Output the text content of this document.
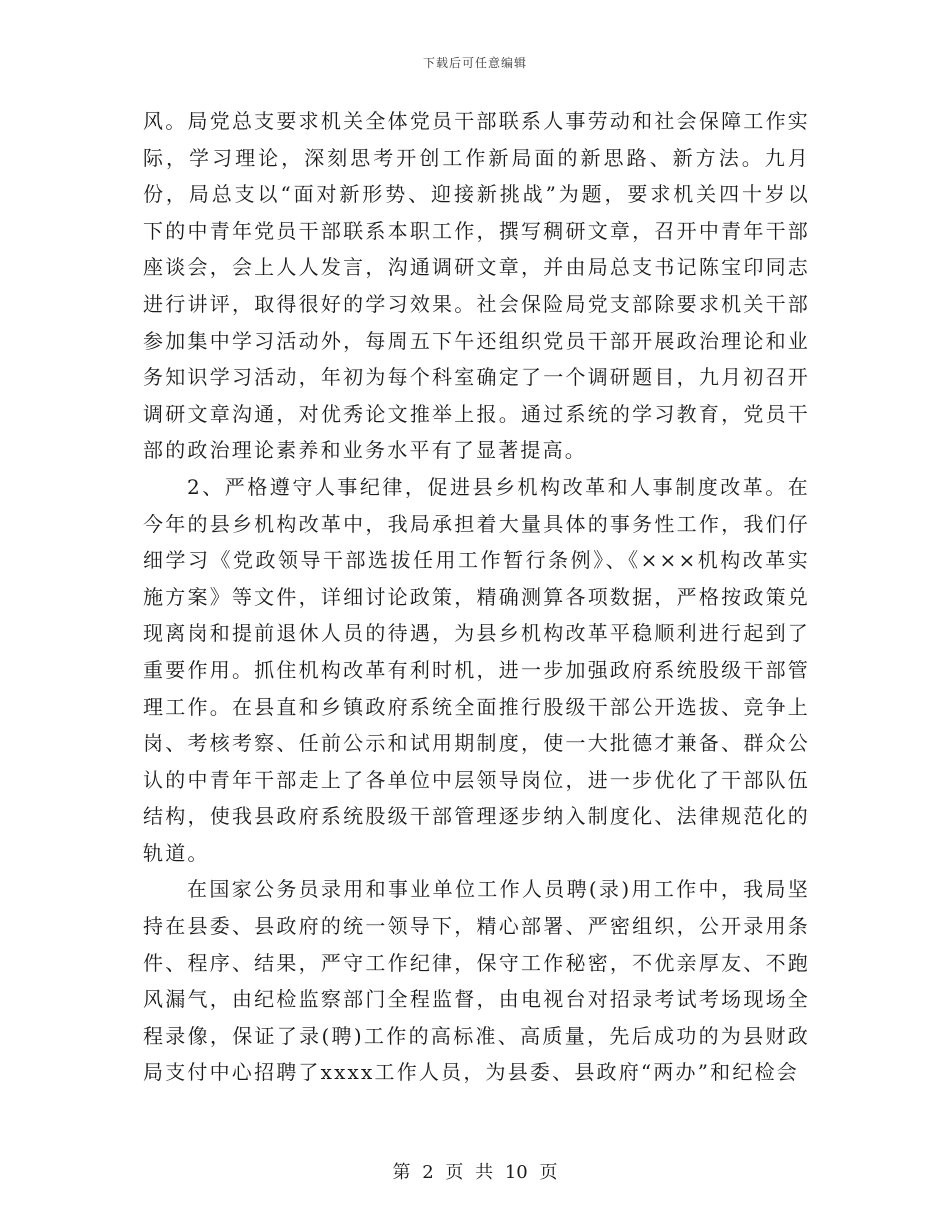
下载后可任意编辑

风。局党总支要求机关全体党员干部联系人事劳动和社会保障工作实际，学习理论，深刻思考开创工作新局面的新思路、新方法。九月份，局总支以“面对新形势、迎接新挑战”为题，要求机关四十岁以下的中青年党员干部联系本职工作，撰写稠研文章，召开中青年干部座谈会，会上人人发言，沟通调研文章，并由局总支书记陈宝印同志进行讲评，取得很好的学习效果。社会保险局党支部除要求机关干部参加集中学习活动外，每周五下午还组织党员干部开展政治理论和业务知识学习活动，年初为每个科室确定了一个调研题目，九月初召开调研文章沟通，对优秀论文推举上报。通过系统的学习教育，党员干部的政治理论素养和业务水平有了显著提高。

2、严格遵守人事纪律，促进县乡机构改革和人事制度改革。在今年的县乡机构改革中，我局承担着大量具体的事务性工作，我们仔细学习《党政领导干部选拔任用工作暂行条例》、《×××机构改革实施方案》等文件，详细讨论政策，精确测算各项数据，严格按政策兑现离岗和提前退休人员的待遇，为县乡机构改革平稳顺利进行起到了重要作用。抓住机构改革有利时机，进一步加强政府系统股级干部管理工作。在县直和乡镇政府系统全面推行股级干部公开选拔、竞争上岗、考核考察、任前公示和试用期制度，使一大批德才兼备、群众公认的中青年干部走上了各单位中层领导岗位，进一步优化了干部队伍结构，使我县政府系统股级干部管理逐步纳入制度化、法律规范化的轨道。

在国家公务员录用和事业单位工作人员聘(录)用工作中，我局坚持在县委、县政府的统一领导下，精心部署、严密组织，公开录用条件、程序、结果，严守工作纪律，保守工作秘密，不优亲厚友、不跑风漏气，由纪检监察部门全程监督，由电视台对招录考试考场现场全程录像，保证了录(聘)工作的高标准、高质量，先后成功的为县财政局支付中心招聘了xxxx工作人员，为县委、县政府“两办”和纪检会

第 2 页 共 10 页
